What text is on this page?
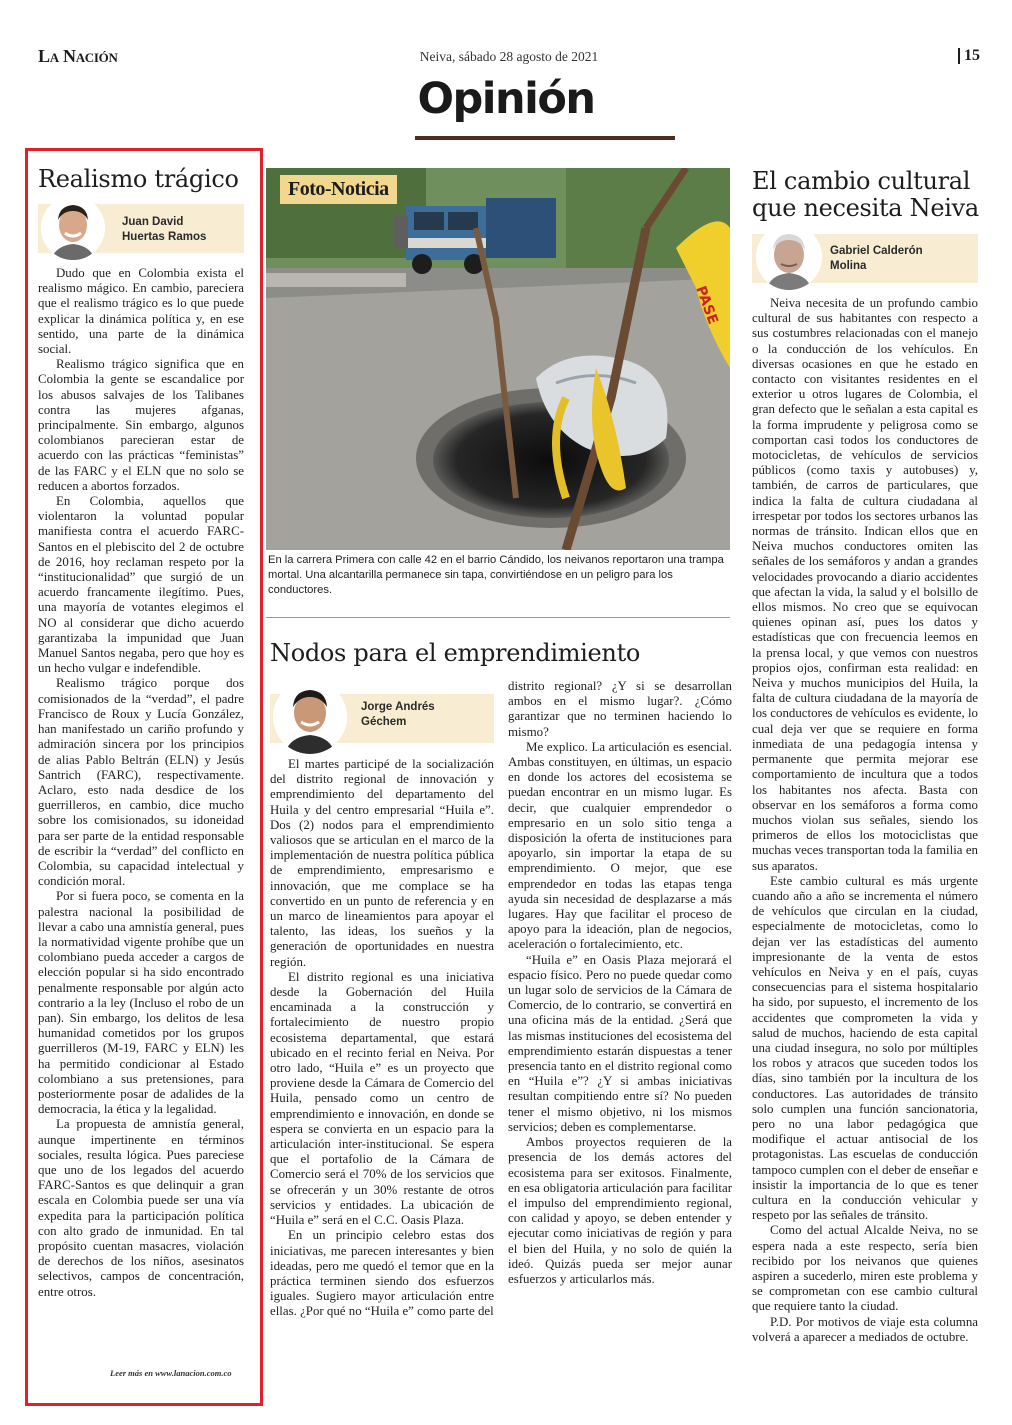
La Nación	Neiva, sábado 28 agosto de 2021	15
Opinión
Realismo trágico
Juan David
Huertas Ramos

Dudo que en Colombia exista el realismo mágico. En cambio, pareciera que el realismo trágico es lo que puede explicar la dinámica política y, en ese sentido, una parte de la dinámica social.

Realismo trágico significa que en Colombia la gente se escandalice por los abusos salvajes de los Talibanes contra las mujeres afganas, principalmente. Sin embargo, algunos colombianos parecieran estar de acuerdo con las prácticas “feministas” de las FARC y el ELN que no solo se reducen a abortos forzados.

En Colombia, aquellos que violentaron la voluntad popular manifiesta contra el acuerdo FARC-Santos en el plebiscito del 2 de octubre de 2016, hoy reclaman respeto por la “institucionalidad” que surgió de un acuerdo francamente ilegítimo. Pues, una mayoría de votantes elegimos el NO al considerar que dicho acuerdo garantizaba la impunidad que Juan Manuel Santos negaba, pero que hoy es un hecho vulgar e indefendible.

Realismo trágico porque dos comisionados de la “verdad”, el padre Francisco de Roux y Lucía González, han manifestado un cariño profundo y admiración sincera por los principios de alias Pablo Beltrán (ELN) y Jesús Santrich (FARC), respectivamente. Aclaro, esto nada desdice de los guerrilleros, en cambio, dice mucho sobre los comisionados, su idoneidad para ser parte de la entidad responsable de escribir la “verdad” del conflicto en Colombia, su capacidad intelectual y condición moral.

Por si fuera poco, se comenta en la palestra nacional la posibilidad de llevar a cabo una amnistía general, pues la normatividad vigente prohíbe que un colombiano pueda acceder a cargos de elección popular si ha sido encontrado penalmente responsable por algún acto contrario a la ley (Incluso el robo de un pan). Sin embargo, los delitos de lesa humanidad cometidos por los grupos guerrilleros (M-19, FARC y ELN) les ha permitido condicionar al Estado colombiano a sus pretensiones, para posteriormente posar de adalides de la democracia, la ética y la legalidad.

La propuesta de amnistía general, aunque impertinente en términos sociales, resulta lógica. Pues pareciese que uno de los legados del acuerdo FARC-Santos es que delinquir a gran escala en Colombia puede ser una vía expedita para la participación política con alto grado de inmunidad. En tal propósito cuentan masacres, violación de derechos de los niños, asesinatos selectivos, campos de concentración, entre otros.

Leer más en www.lanacion.com.co
PASE
Foto-Noticia
En la carrera Primera con calle 42 en el barrio Cándido, los neivanos reportaron una trampa mortal. Una alcantarilla permanece sin tapa, convirtiéndose en un peligro para los conductores.
Nodos para el emprendimiento
Jorge Andrés
Géchem

El martes participé de la socialización del distrito regional de innovación y emprendimiento del departamento del Huila y del centro empresarial “Huila e”. Dos (2) nodos para el emprendimiento valiosos que se articulan en el marco de la implementación de nuestra política pública de emprendimiento, empresarismo e innovación, que me complace se ha convertido en un punto de referencia y en un marco de lineamientos para apoyar el talento, las ideas, los sueños y la generación de oportunidades en nuestra región.

El distrito regional es una iniciativa desde la Gobernación del Huila encaminada a la construcción y fortalecimiento de nuestro propio ecosistema departamental, que estará ubicado en el recinto ferial en Neiva. Por otro lado, “Huila e” es un proyecto que proviene desde la Cámara de Comercio del Huila, pensado como un centro de emprendimiento e innovación, en donde se espera se convierta en un espacio para la articulación inter-institucional. Se espera que el portafolio de la Cámara de Comercio será el 70% de los servicios que se ofrecerán y un 30% restante de otros servicios y entidades. La ubicación de “Huila e” será en el C.C. Oasis Plaza.

En un principio celebro estas dos iniciativas, me parecen interesantes y bien ideadas, pero me quedó el temor que en la práctica terminen siendo dos esfuerzos iguales. Sugiero mayor articulación entre ellas. ¿Por qué no “Huila e” como parte del

distrito regional? ¿Y si se desarrollan ambos en el mismo lugar?. ¿Cómo garantizar que no terminen haciendo lo mismo?

Me explico. La articulación es esencial. Ambas constituyen, en últimas, un espacio en donde los actores del ecosistema se puedan encontrar en un mismo lugar. Es decir, que cualquier emprendedor o empresario en un solo sitio tenga a disposición la oferta de instituciones para apoyarlo, sin importar la etapa de su emprendimiento. O mejor, que ese emprendedor en todas las etapas tenga ayuda sin necesidad de desplazarse a más lugares. Hay que facilitar el proceso de apoyo para la ideación, plan de negocios, aceleración o fortalecimiento, etc.

“Huila e” en Oasis Plaza mejorará el espacio físico. Pero no puede quedar como un lugar solo de servicios de la Cámara de Comercio, de lo contrario, se convertirá en una oficina más de la entidad. ¿Será que las mismas instituciones del ecosistema del emprendimiento estarán dispuestas a tener presencia tanto en el distrito regional como en “Huila e”? ¿Y si ambas iniciativas resultan compitiendo entre sí? No pueden tener el mismo objetivo, ni los mismos servicios; deben es complementarse.

Ambos proyectos requieren de la presencia de los demás actores del ecosistema para ser exitosos. Finalmente, en esa obligatoria articulación para facilitar el impulso del emprendimiento regional, con calidad y apoyo, se deben entender y ejecutar como iniciativas de región y para el bien del Huila, y no solo de quién la ideó. Quizás pueda ser mejor aunar esfuerzos y articularlos más.

El cambio cultural que necesita Neiva
Gabriel Calderón
Molina

Neiva necesita de un profundo cambio cultural de sus habitantes con respecto a sus costumbres relacionadas con el manejo o la conducción de los vehículos. En diversas ocasiones en que he estado en contacto con visitantes residentes en el exterior u otros lugares de Colombia, el gran defecto que le señalan a esta capital es la forma imprudente y peligrosa como se comportan casi todos los conductores de motocicletas, de vehículos de servicios públicos (como taxis y autobuses) y, también, de carros de particulares, que indica la falta de cultura ciudadana al irrespetar por todos los sectores urbanos las normas de tránsito. Indican ellos que en Neiva muchos conductores omiten las señales de los semáforos y andan a grandes velocidades provocando a diario accidentes que afectan la vida, la salud y el bolsillo de ellos mismos. No creo que se equivocan quienes opinan así, pues los datos y estadísticas que con frecuencia leemos en la prensa local, y que vemos con nuestros propios ojos, confirman esta realidad: en Neiva y muchos municipios del Huila, la falta de cultura ciudadana de la mayoría de los conductores de vehículos es evidente, lo cual deja ver que se requiere en forma inmediata de una pedagogía intensa y permanente que permita mejorar ese comportamiento de incultura que a todos los habitantes nos afecta. Basta con observar en los semáforos a forma como muchos violan sus señales, siendo los primeros de ellos los motociclistas que muchas veces transportan toda la familia en sus aparatos.

Este cambio cultural es más urgente cuando año a año se incrementa el número de vehículos que circulan en la ciudad, especialmente de motocicletas, como lo dejan ver las estadísticas del aumento impresionante de la venta de estos vehículos en Neiva y en el país, cuyas consecuencias para el sistema hospitalario ha sido, por supuesto, el incremento de los accidentes que comprometen la vida y salud de muchos, haciendo de esta capital una ciudad insegura, no solo por múltiples los robos y atracos que suceden todos los días, sino también por la incultura de los conductores. Las autoridades de tránsito solo cumplen una función sancionatoria, pero no una labor pedagógica que modifique el actuar antisocial de los protagonistas. Las escuelas de conducción tampoco cumplen con el deber de enseñar e insistir la importancia de lo que es tener cultura en la conducción vehicular y respeto por las señales de tránsito.

Como del actual Alcalde Neiva, no se espera nada a este respecto, sería bien recibido por los neivanos que quienes aspiren a sucederlo, miren este problema y se comprometan con ese cambio cultural que requiere tanto la ciudad.

P.D. Por motivos de viaje esta columna volverá a aparecer a mediados de octubre.
